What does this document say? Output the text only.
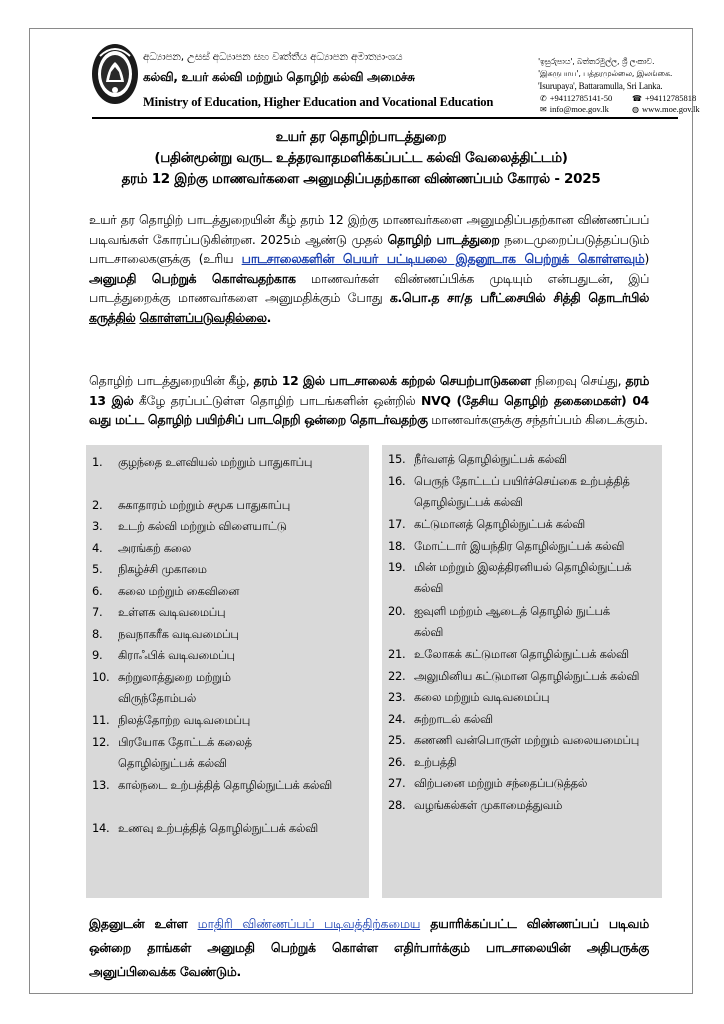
අධ්‍යාපන, උසස් අධ්‍යාපන සහ වෘත්තීය අධ්‍යාපන අමාත්‍යාංශය
கல்வி, உயர் கல்வி மற்றும் தொழிற் கல்வி அமைச்சு
Ministry of Education, Higher Education and Vocational Education
'ඉසුරුපාය', බත්තරමුල්ල, ශ්‍රී ලංකාව.
'இசுருபாய', பத்தரமுல்லை, இலங்கை.
'Isurupaya', Battaramulla, Sri Lanka.
✆ +94112785141-50 ☎ +94112785818
✉ info@moe.gov.lk	◍ www.moe.gov.lk
உயர் தர தொழிற்பாடத்துறை
(பதின்மூன்று வருட உத்தரவாதமளிக்கப்பட்ட கல்வி வேலைத்திட்டம்)
தரம் 12 இற்கு மாணவர்களை அனுமதிப்பதற்கான விண்ணப்பம் கோரல் - 2025
உயர் தர தொழிற் பாடத்துறையின் கீழ் தரம் 12 இற்கு மாணவர்களை அனுமதிப்பதற்கான விண்ணப்பப் படிவங்கள் கோரப்படுகின்றன. 2025ம் ஆண்டு முதல் தொழிற் பாடத்துறை நடைமுறைப்படுத்தப்படும் பாடசாலைகளுக்கு (உரிய பாடசாலைகளின் பெயர் பட்டியலை இதனூடாக பெற்றுக் கொள்ளவும்) அனுமதி பெற்றுக் கொள்வதற்காக மாணவர்கள் விண்ணப்பிக்க முடியும் என்பதுடன், இப் பாடத்துறைக்கு மாணவர்களை அனுமதிக்கும் போது க.பொ.த சா/த பரீட்சையில் சித்தி தொடர்பில் கருத்தில் கொள்ளப்படுவதில்லை.
தொழிற் பாடத்துறையின் கீழ், தரம் 12 இல் பாடசாலைக் கற்றல் செயற்பாடுகளை நிறைவு செய்து, தரம் 13 இல் கீழே தரப்பட்டுள்ள தொழிற் பாடங்களின் ஒன்றில் NVQ (தேசிய தொழிற் தகைமைகள்) 04 வது மட்ட தொழிற் பயிற்சிப் பாடநெறி ஒன்றை தொடர்வதற்கு மாணவர்களுக்கு சந்தர்ப்பம் கிடைக்கும்.
1.	குழந்தை உளவியல் மற்றும் பாதுகாப்பு
2.	சுகாதாரம் மற்றும் சமூக பாதுகாப்பு
3.	உடற் கல்வி மற்றும் விளையாட்டு
4.	அரங்கற் கலை
5.	நிகழ்ச்சி முகாமை
6.	கலை மற்றும் கைவினை
7.	உள்ளக வடிவமைப்பு
8.	நவநாகரீக வடிவமைப்பு
9.	கிராஃபிக் வடிவமைப்பு
10. சுற்றுலாத்துறை மற்றும் விருந்தோம்பல்
11. நிலத்தோற்ற வடிவமைப்பு
12. பிரயோக தோட்டக் கலைத் தொழில்நுட்பக் கல்வி
13. கால்நடை உற்பத்தித் தொழில்நுட்பக் கல்வி
14. உணவு உற்பத்தித் தொழில்நுட்பக் கல்வி
15. நீர்வளத் தொழில்நுட்பக் கல்வி
16. பெருந் தோட்டப் பயிர்ச்செய்கை உற்பத்தித் தொழில்நுட்பக் கல்வி
17. கட்டுமானத் தொழில்நுட்பக் கல்வி
18. மோட்டார் இயந்திர தொழில்நுட்பக் கல்வி
19. மின் மற்றும் இலத்திரனியல் தொழில்நுட்பக் கல்வி
20. ஐவுளி மற்றம் ஆடைத் தொழில் நுட்பக் கல்வி
21. உலோகக் கட்டுமான தொழில்நுட்பக் கல்வி
22. அலுமினிய கட்டுமான தொழில்நுட்பக் கல்வி
23. கலை மற்றும் வடிவமைப்பு
24. சுற்றாடல் கல்வி
25. கணணி வன்பொருள் மற்றும் வலையமைப்பு
26. உற்பத்தி
27. விற்பனை மற்றும் சந்தைப்படுத்தல்
28. வழங்கல்கள் முகாமைத்துவம்
இதனுடன் உள்ள மாதிரி விண்ணப்பப் படிவத்திற்கமைய தயாரிக்கப்பட்ட விண்ணப்பப் படிவம் ஒன்றை தாங்கள் அனுமதி பெற்றுக் கொள்ள எதிர்பார்க்கும் பாடசாலையின் அதிபருக்கு அனுப்பிவைக்க வேண்டும்.
